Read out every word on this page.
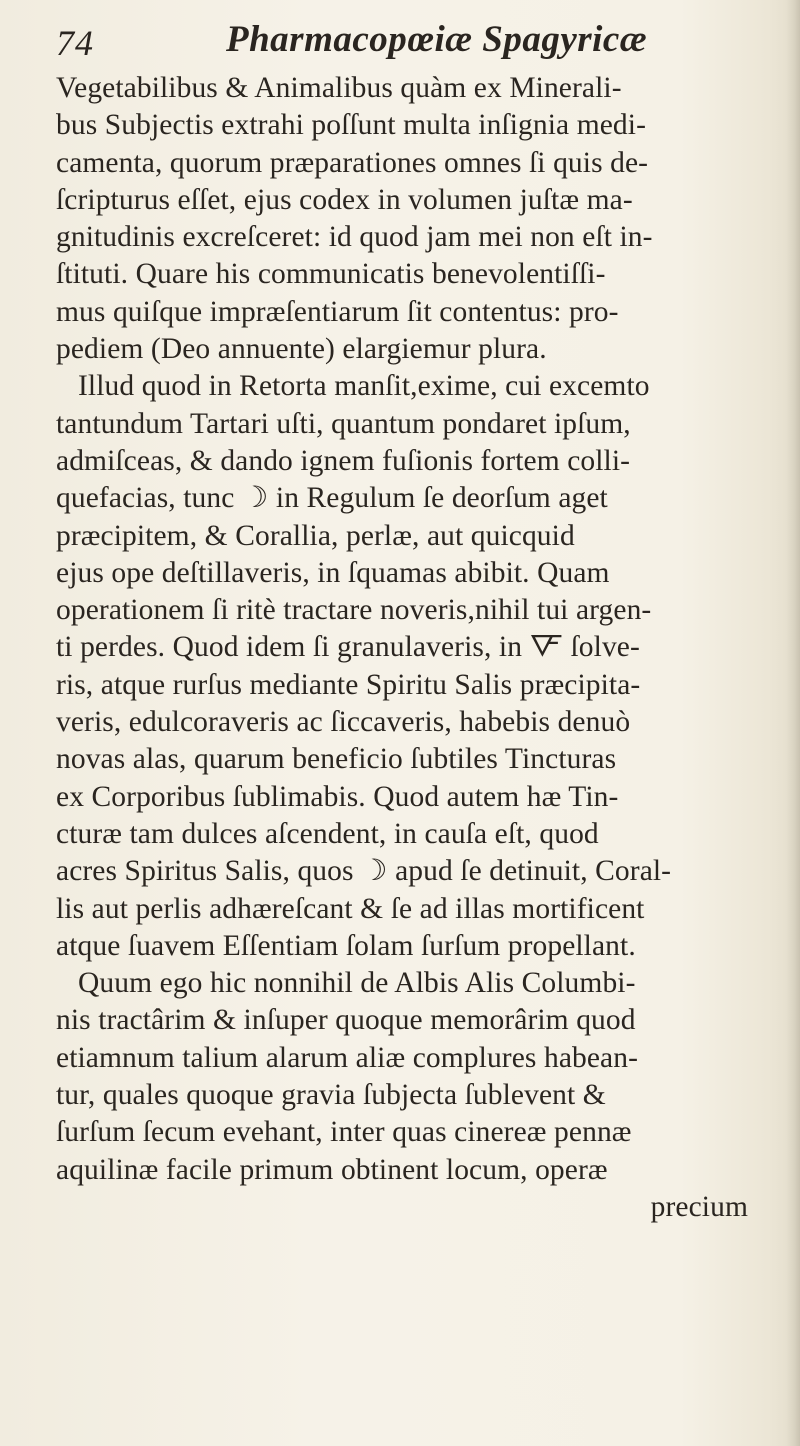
74	Pharmacopœiæ Spagyricæ
Vegetabilibus & Animalibus quàm ex Minerali-
bus Subjectis extrahi poſſunt multa inſignia medi-
camenta, quorum præparationes omnes ſi quis de-
ſcripturus eſſet, ejus codex in volumen juſtæ ma-
gnitudinis excreſceret: id quod jam mei non eſt in-
ſtituti. Quare his communicatis benevolentiſſi-
mus quiſque impræſentiarum ſit contentus: pro-
pediem (Deo annuente) elargiemur plura.
Illud quod in Retorta manſit,exime, cui excemto
tantundum Tartari uſti, quantum pondaret ipſum,
admiſceas, & dando ignem fuſionis fortem colli-
quefacias, tunc ☽ in Regulum ſe deorſum aget
præcipitem, & Corallia, perlæ, aut quicquid
ejus ope deſtillaveris, in ſquamas abibit. Quam
operationem ſi ritè tractare noveris,nihil tui argen-
ti perdes. Quod idem ſi granulaveris, in 🜅 ſolve-
ris, atque rurſus mediante Spiritu Salis præcipita-
veris, edulcoraveris ac ſiccaveris, habebis denuò
novas alas, quarum beneficio ſubtiles Tincturas
ex Corporibus ſublimabis. Quod autem hæ Tin-
cturæ tam dulces aſcendent, in cauſa eſt, quod
acres Spiritus Salis, quos ☽ apud ſe detinuit, Coral-
lis aut perlis adhæreſcant & ſe ad illas mortificent
atque ſuavem Eſſentiam ſolam ſurſum propellant.
Quum ego hic nonnihil de Albis Alis Columbi-
nis tractârim & inſuper quoque memorârim quod
etiamnum talium alarum aliæ complures habean-
tur, quales quoque gravia ſubjecta ſublevent &
ſurſum ſecum evehant, inter quas cinereæ pennæ
aquilinæ facile primum obtinent locum, operæ
precium
